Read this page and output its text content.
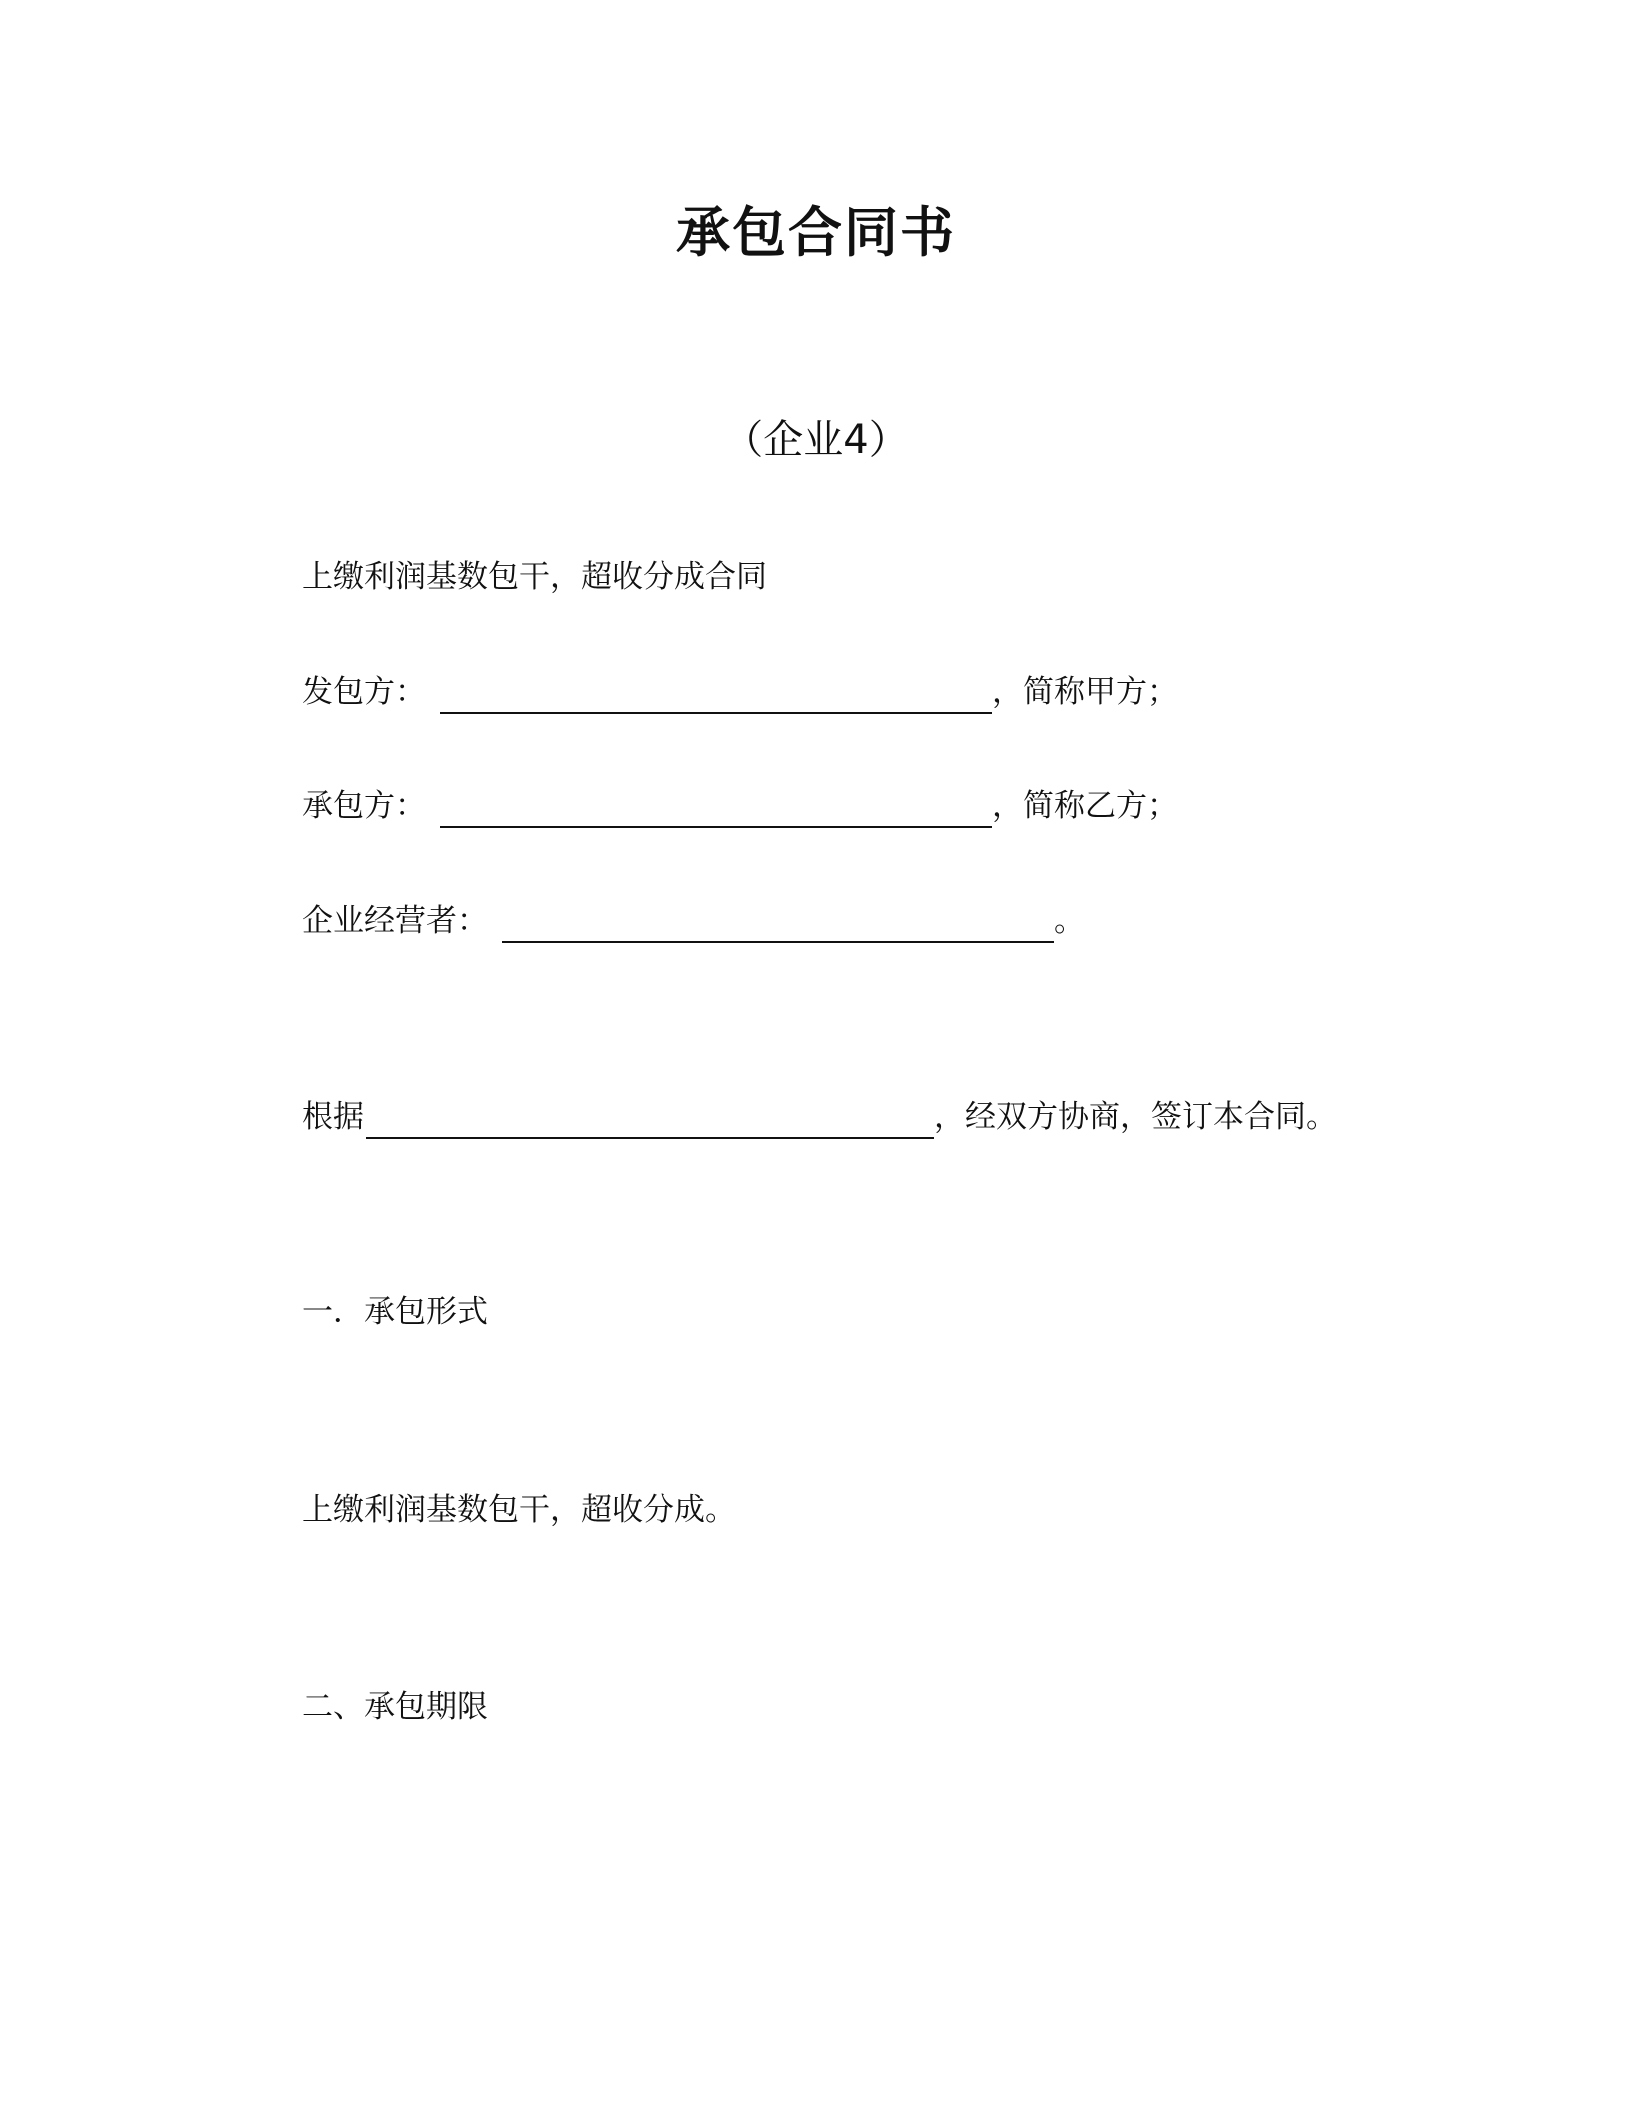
承包合同书
（企业4）
上缴利润基数包干，超收分成合同
发包方：	，简称甲方；
承包方：	，简称乙方；
企业经营者：	。
根据	，经双方协商，签订本合同。
一．承包形式
上缴利润基数包干，超收分成。
二、承包期限
